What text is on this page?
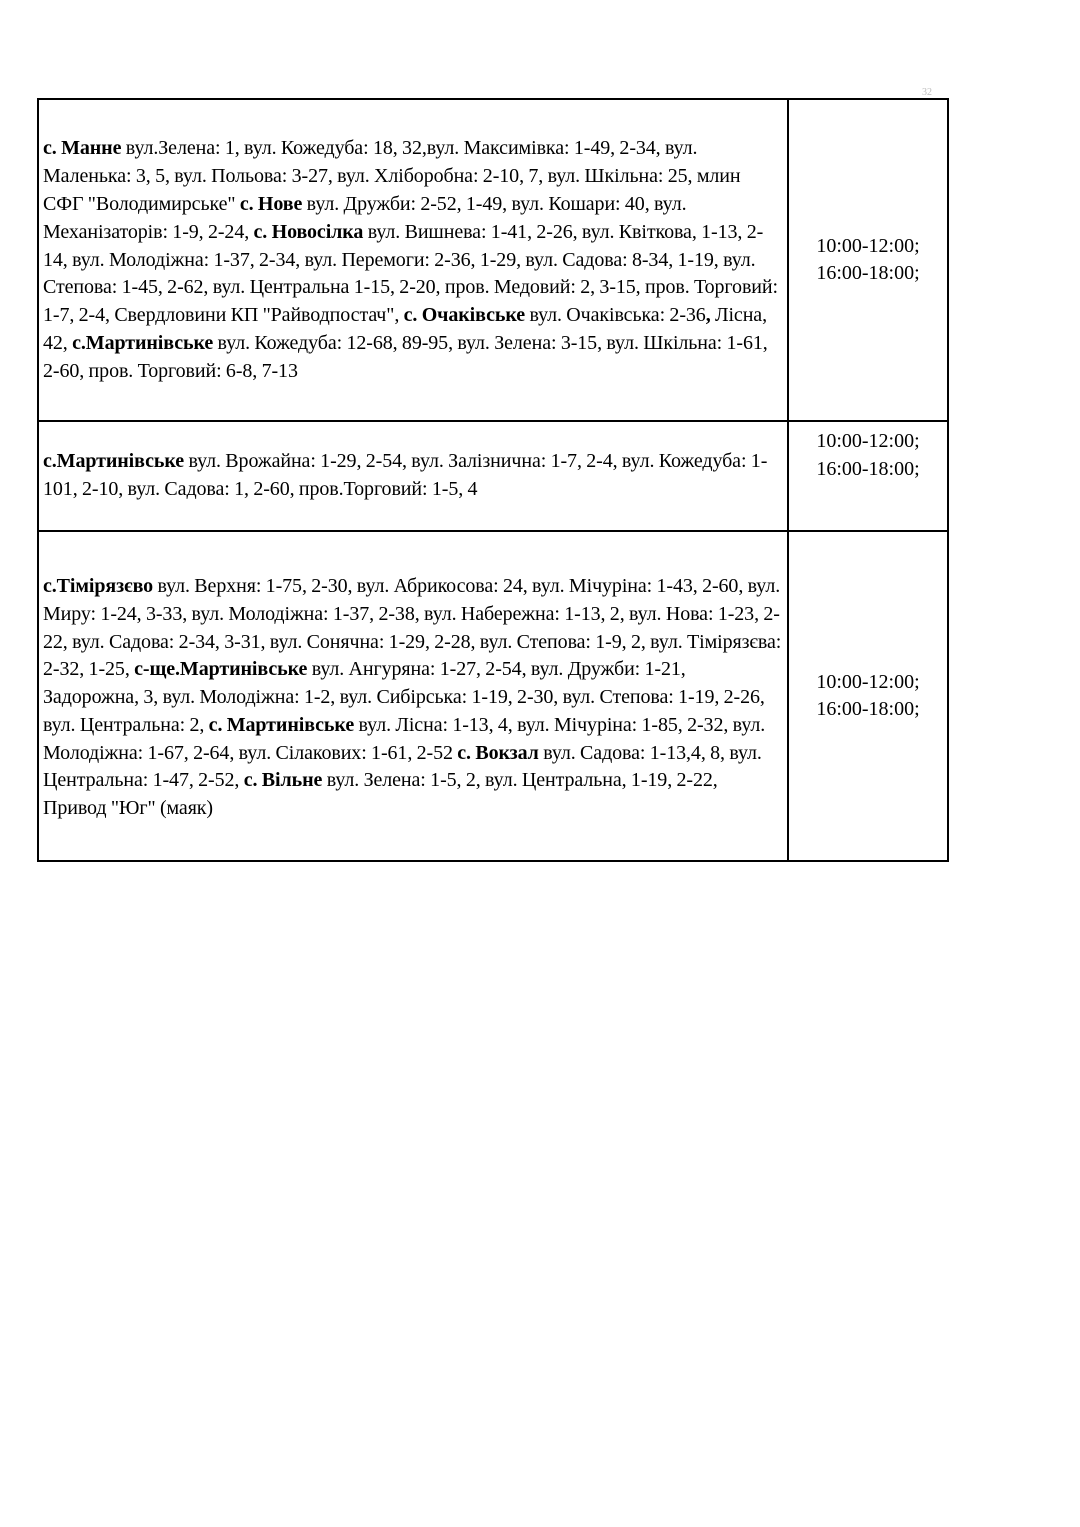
32
с. Манне вул.Зелена: 1, вул. Кожедуба: 18, 32,вул. Максимівка: 1-49, 2-34, вул. Маленька: 3, 5, вул. Польова: 3-27, вул. Хліборобна: 2-10, 7, вул. Шкільна: 25, млин СФГ "Володимирське" с. Нове вул. Дружби: 2-52, 1-49, вул. Кошари: 40, вул. Механізаторів: 1-9, 2-24, с. Новосілка вул. Вишнева: 1-41, 2-26, вул. Квіткова, 1-13, 2-14, вул. Молодіжна: 1-37, 2-34, вул. Перемоги: 2-36, 1-29, вул. Садова: 8-34, 1-19, вул. Степова: 1-45, 2-62, вул. Центральна 1-15, 2-20, пров. Медовий: 2, 3-15, пров. Торговий: 1-7, 2-4, Свердловини КП "Райводпостач", с. Очаківське вул. Очаківська: 2-36, Лісна, 42, с.Мартинівське вул. Кожедуба: 12-68, 89-95, вул. Зелена: 3-15, вул. Шкільна: 1-61, 2-60, пров. Торговий: 6-8, 7-13	10:00-12:00;
16:00-18:00;

с.Мартинівське вул. Врожайна: 1-29, 2-54, вул. Залізнична: 1-7, 2-4, вул. Кожедуба: 1-101, 2-10, вул. Садова: 1, 2-60, пров.Торговий: 1-5, 4	10:00-12:00;
16:00-18:00;

с.Тімірязєво вул. Верхня: 1-75, 2-30, вул. Абрикосова: 24, вул. Мічуріна: 1-43, 2-60, вул. Миру: 1-24, 3-33, вул. Молодіжна: 1-37, 2-38, вул. Набережна: 1-13, 2, вул. Нова: 1-23, 2-22, вул. Садова: 2-34, 3-31, вул. Сонячна: 1-29, 2-28, вул. Степова: 1-9, 2, вул. Тімірязєва: 2-32, 1-25, с-ще.Мартинівське вул. Ангуряна: 1-27, 2-54, вул. Дружби: 1-21, Задорожна, 3, вул. Молодіжна: 1-2, вул. Сибірська: 1-19, 2-30, вул. Степова: 1-19, 2-26, вул. Центральна: 2, с. Мартинівське вул. Лісна: 1-13, 4, вул. Мічуріна: 1-85, 2-32, вул. Молодіжна: 1-67, 2-64, вул. Сілакових: 1-61, 2-52 с. Вокзал вул. Садова: 1-13,4, 8, вул. Центральна: 1-47, 2-52, с. Вільне вул. Зелена: 1-5, 2, вул. Центральна, 1-19, 2-22, Привод "Юг" (маяк)	10:00-12:00;
16:00-18:00;
